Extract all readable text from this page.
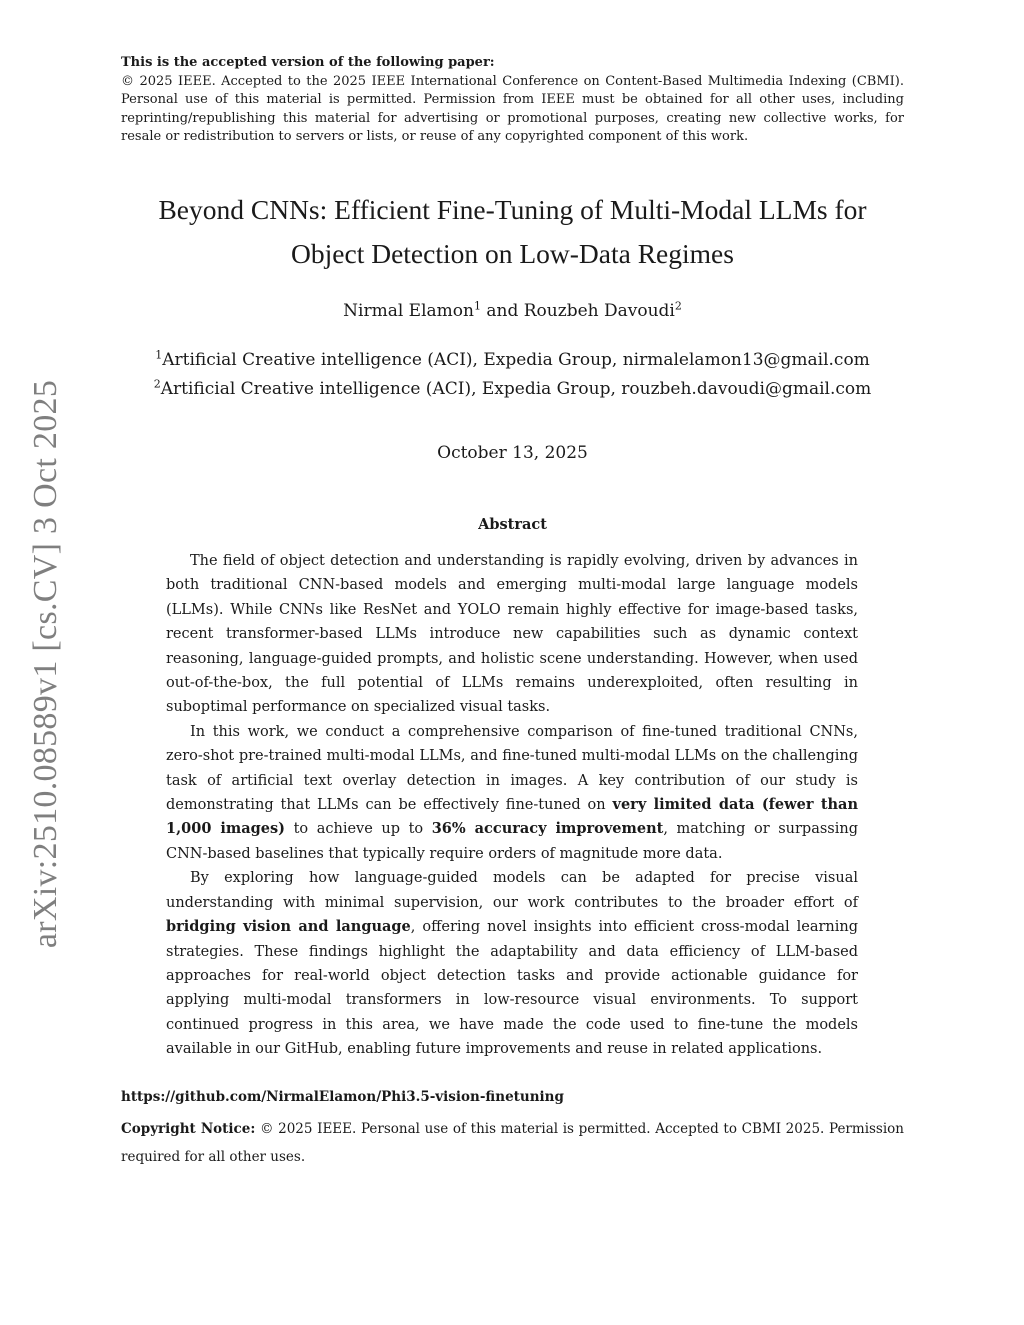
arXiv:2510.08589v1 [cs.CV] 3 Oct 2025
This is the accepted version of the following paper:
© 2025 IEEE. Accepted to the 2025 IEEE International Conference on Content-Based Multimedia Indexing (CBMI). Personal use of this material is permitted. Permission from IEEE must be obtained for all other uses, including reprinting/republishing this material for advertising or promotional purposes, creating new collective works, for resale or redistribution to servers or lists, or reuse of any copyrighted component of this work.
Beyond CNNs: Efficient Fine-Tuning of Multi-Modal LLMs for
Object Detection on Low-Data Regimes
Nirmal Elamon$^1$ and Rouzbeh Davoudi$^2$
$^1$Artificial Creative intelligence (ACI), Expedia Group, nirmalelamon13@gmail.com
$^2$Artificial Creative intelligence (ACI), Expedia Group, rouzbeh.davoudi@gmail.com
October 13, 2025
Abstract

The field of object detection and understanding is rapidly evolving, driven by advances in both traditional CNN-based models and emerging multi-modal large language models (LLMs). While CNNs like ResNet and YOLO remain highly effective for image-based tasks, recent transformer-based LLMs introduce new capabilities such as dynamic context reasoning, language-guided prompts, and holistic scene understanding. However, when used out-of-the-box, the full potential of LLMs remains underexploited, often resulting in suboptimal performance on specialized visual tasks.

In this work, we conduct a comprehensive comparison of fine-tuned traditional CNNs, zero-shot pre-trained multi-modal LLMs, and fine-tuned multi-modal LLMs on the challenging task of artificial text overlay detection in images. A key contribution of our study is demonstrating that LLMs can be effectively fine-tuned on very limited data (fewer than 1,000 images) to achieve up to 36% accuracy improvement, matching or surpassing CNN-based baselines that typically require orders of magnitude more data.

By exploring how language-guided models can be adapted for precise visual understanding with minimal supervision, our work contributes to the broader effort of bridging vision and language, offering novel insights into efficient cross-modal learning strategies. These findings highlight the adaptability and data efficiency of LLM-based approaches for real-world object detection tasks and provide actionable guidance for applying multi-modal transformers in low-resource visual environments. To support continued progress in this area, we have made the code used to fine-tune the models available in our GitHub, enabling future improvements and reuse in related applications.

https://github.com/NirmalElamon/Phi3.5-vision-finetuning
Copyright Notice: © 2025 IEEE. Personal use of this material is permitted. Accepted to CBMI 2025. Permission required for all other uses.
